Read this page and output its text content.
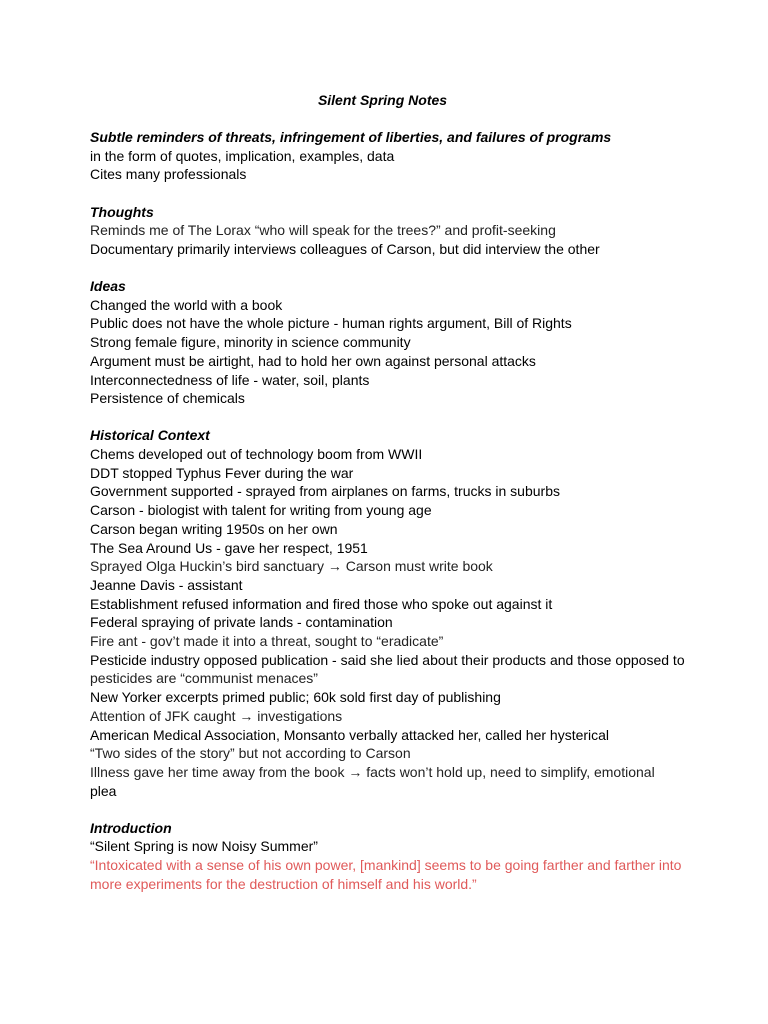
Silent Spring Notes
Subtle reminders of threats, infringement of liberties, and failures of programs
in the form of quotes, implication, examples, data
Cites many professionals
Thoughts
Reminds me of The Lorax “who will speak for the trees?” and profit-seeking
Documentary primarily interviews colleagues of Carson, but did interview the other
Ideas
Changed the world with a book
Public does not have the whole picture - human rights argument, Bill of Rights
Strong female figure, minority in science community
Argument must be airtight, had to hold her own against personal attacks
Interconnectedness of life - water, soil, plants
Persistence of chemicals
Historical Context
Chems developed out of technology boom from WWII
DDT stopped Typhus Fever during the war
Government supported - sprayed from airplanes on farms, trucks in suburbs
Carson - biologist with talent for writing from young age
Carson began writing 1950s on her own
The Sea Around Us - gave her respect, 1951
Sprayed Olga Huckin’s bird sanctuary → Carson must write book
Jeanne Davis - assistant
Establishment refused information and fired those who spoke out against it
Federal spraying of private lands - contamination
Fire ant - gov’t made it into a threat, sought to “eradicate”
Pesticide industry opposed publication - said she lied about their products and those opposed to
pesticides are “communist menaces”
New Yorker excerpts primed public; 60k sold first day of publishing
Attention of JFK caught → investigations
American Medical Association, Monsanto verbally attacked her, called her hysterical
“Two sides of the story” but not according to Carson
Illness gave her time away from the book → facts won’t hold up, need to simplify, emotional
plea
Introduction
“Silent Spring is now Noisy Summer”
“Intoxicated with a sense of his own power, [mankind] seems to be going farther and farther into
more experiments for the destruction of himself and his world.”
